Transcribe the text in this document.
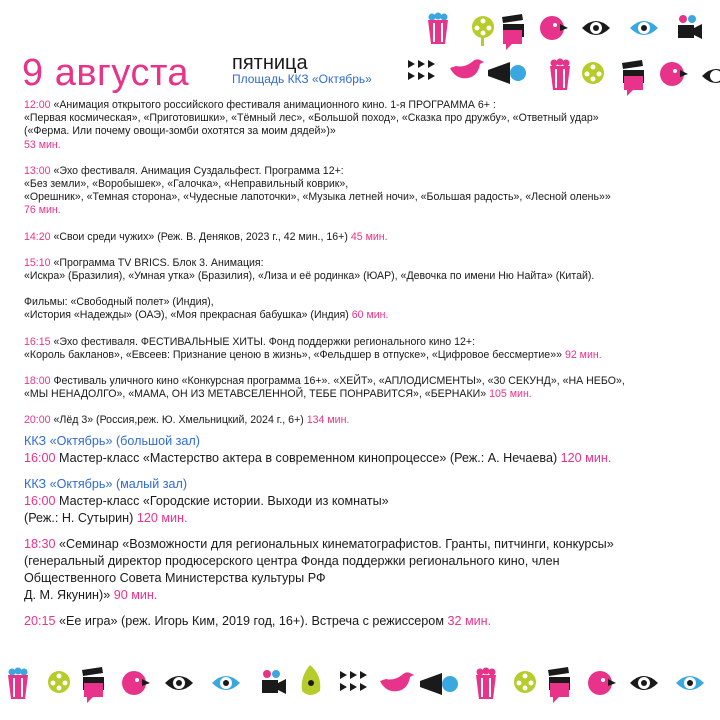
9 августа пятница
Площадь ККЗ «Октябрь»
12:00 «Анимация открытого российского фестиваля анимационного кино. 1-я ПРОГРАММА 6+ :
«Первая космическая», «Приготовишки», «Тёмный лес», «Большой поход», «Сказка про дружбу», «Ответный удар»
(«Ферма. Или почему овощи-зомби охотятся за моим дядей»)»
53 мин.
13:00 «Эхо фестиваля. Анимация Суздальфест. Программа 12+:
«Без земли», «Воробышек», «Галочка», «Неправильный коврик»,
«Орешник», «Темная сторона», «Чудесные лапоточки», «Музыка летней ночи», «Большая радость», «Лесной олень»»
76 мин.
14:20 «Свои среди чужих» (Реж. В. Деняков, 2023 г., 42 мин., 16+) 45 мин.
15:10 «Программа TV BRICS. Блок 3. Анимация:
«Искра» (Бразилия), «Умная утка» (Бразилия), «Лиза и её родинка» (ЮАР), «Девочка по имени Ню Найта» (Китай).
Фильмы: «Свободный полет» (Индия),
«История «Надежды» (ОАЭ), «Моя прекрасная бабушка» (Индия) 60 мин.
16:15 «Эхо фестиваля. ФЕСТИВАЛЬНЫЕ ХИТЫ. Фонд поддержки регионального кино 12+:
«Король бакланов», «Евсеев: Признание ценою в жизнь», «Фельдшер в отпуске», «Цифровое бессмертие»» 92 мин.
18:00 Фестиваль уличного кино «Конкурсная программа 16+». «ХЕЙТ», «АПЛОДИСМЕНТЫ», «30 СЕКУНД», «НА НЕБО»,
«МЫ НЕНАДОЛГО», «МАМА, ОН ИЗ МЕТАВСЕЛЕННОЙ, ТЕБЕ ПОНРАВИТСЯ», «БЕРНАКИ» 105 мин.
20:00 «Лёд 3» (Россия,реж. Ю. Хмельницкий, 2024 г., 6+) 134 мин.
ККЗ «Октябрь» (большой зал)
16:00 Мастер-класс «Мастерство актера в современном кинопроцессе» (Реж.: А. Нечаева) 120 мин.
ККЗ «Октябрь» (малый зал)
16:00 Мастер-класс «Городские истории. Выходи из комнаты»
(Реж.: Н. Сутырин) 120 мин.
18:30 «Семинар «Возможности для региональных кинематографистов. Гранты, питчинги, конкурсы»
(генеральный директор продюсерского центра Фонда поддержки регионального кино, член
Общественного Совета Министерства культуры РФ
Д. М. Якунин)» 90 мин.
20:15 «Ее игра» (реж. Игорь Ким, 2019 год, 16+). Встреча с режиссером 32 мин.
